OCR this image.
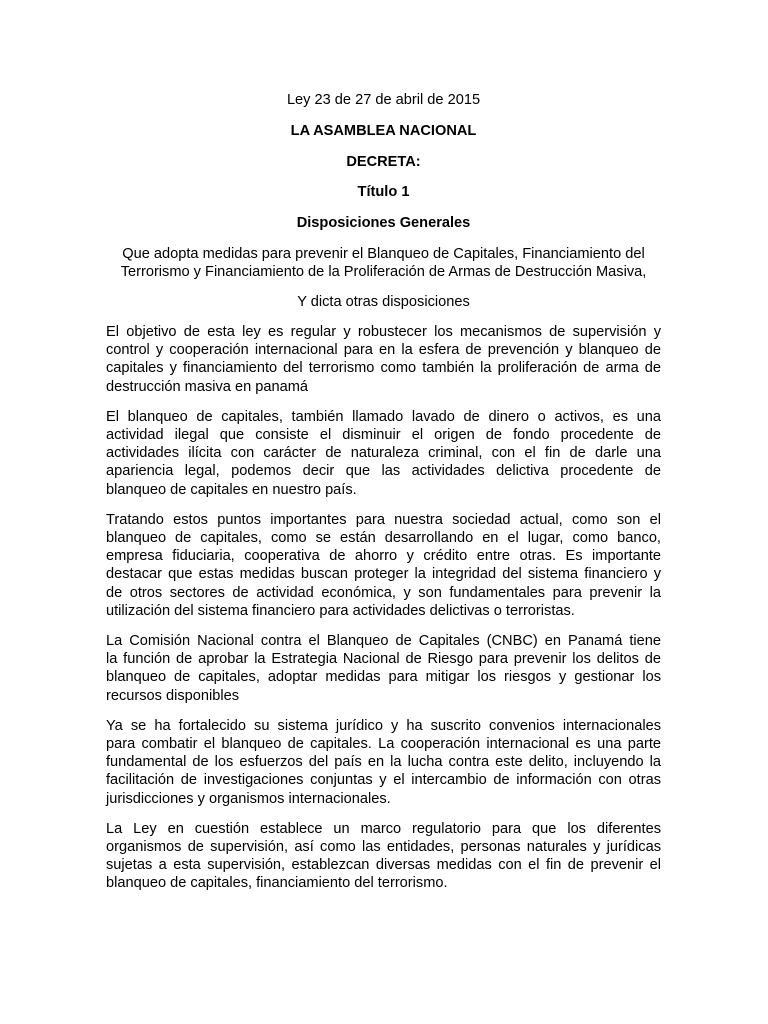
Ley 23 de 27 de abril de 2015

LA ASAMBLEA NACIONAL

DECRETA:

Título 1

Disposiciones Generales

Que adopta medidas para prevenir el Blanqueo de Capitales, Financiamiento del Terrorismo y Financiamiento de la Proliferación de Armas de Destrucción Masiva,

Y dicta otras disposiciones

El objetivo de esta ley es regular y robustecer los mecanismos de supervisión y
control y cooperación internacional para en la esfera de prevención y blanqueo de
capitales y financiamiento del terrorismo como también la proliferación de arma de
destrucción masiva en panamá

El blanqueo de capitales, también llamado lavado de dinero o activos, es una
actividad ilegal que consiste el disminuir el origen de fondo procedente de
actividades ilícita con carácter de naturaleza criminal, con el fin de darle una
apariencia legal, podemos decir que las actividades delictiva procedente de
blanqueo de capitales en nuestro país.

Tratando estos puntos importantes para nuestra sociedad actual, como son el
blanqueo de capitales, como se están desarrollando en el lugar, como banco,
empresa fiduciaria, cooperativa de ahorro y crédito entre otras. Es importante
destacar que estas medidas buscan proteger la integridad del sistema financiero y
de otros sectores de actividad económica, y son fundamentales para prevenir la
utilización del sistema financiero para actividades delictivas o terroristas.

La Comisión Nacional contra el Blanqueo de Capitales (CNBC) en Panamá tiene
la función de aprobar la Estrategia Nacional de Riesgo para prevenir los delitos de
blanqueo de capitales, adoptar medidas para mitigar los riesgos y gestionar los
recursos disponibles

Ya se ha fortalecido su sistema jurídico y ha suscrito convenios internacionales
para combatir el blanqueo de capitales. La cooperación internacional es una parte
fundamental de los esfuerzos del país en la lucha contra este delito, incluyendo la
facilitación de investigaciones conjuntas y el intercambio de información con otras
jurisdicciones y organismos internacionales.

La Ley en cuestión establece un marco regulatorio para que los diferentes
organismos de supervisión, así como las entidades, personas naturales y jurídicas
sujetas a esta supervisión, establezcan diversas medidas con el fin de prevenir el
blanqueo de capitales, financiamiento del terrorismo.
